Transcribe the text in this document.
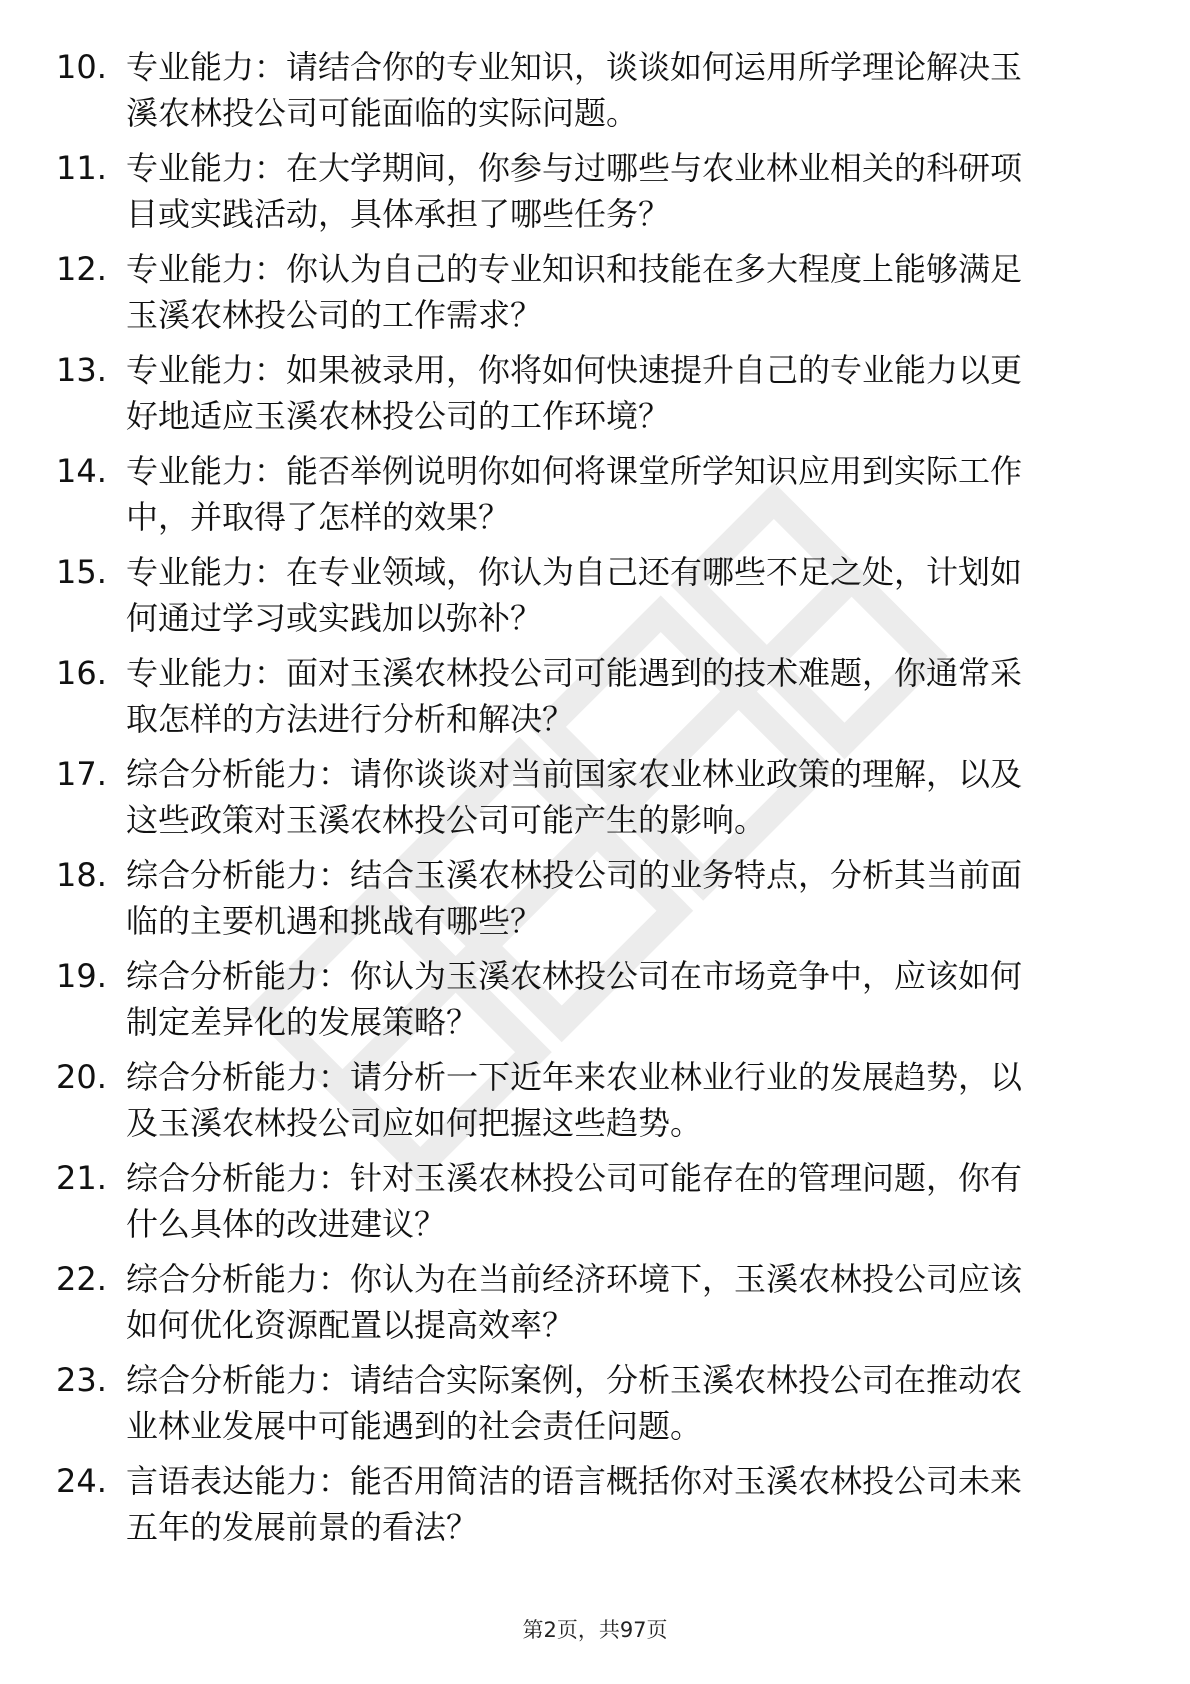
10. 专业能力：请结合你的专业知识，谈谈如何运用所学理论解决玉
溪农林投公司可能面临的实际问题。
11. 专业能力：在大学期间，你参与过哪些与农业林业相关的科研项
目或实践活动，具体承担了哪些任务？
12. 专业能力：你认为自己的专业知识和技能在多大程度上能够满足
玉溪农林投公司的工作需求？
13. 专业能力：如果被录用，你将如何快速提升自己的专业能力以更
好地适应玉溪农林投公司的工作环境？
14. 专业能力：能否举例说明你如何将课堂所学知识应用到实际工作
中，并取得了怎样的效果？
15. 专业能力：在专业领域，你认为自己还有哪些不足之处，计划如
何通过学习或实践加以弥补？
16. 专业能力：面对玉溪农林投公司可能遇到的技术难题，你通常采
取怎样的方法进行分析和解决？
17. 综合分析能力：请你谈谈对当前国家农业林业政策的理解，以及
这些政策对玉溪农林投公司可能产生的影响。
18. 综合分析能力：结合玉溪农林投公司的业务特点，分析其当前面
临的主要机遇和挑战有哪些？
19. 综合分析能力：你认为玉溪农林投公司在市场竞争中，应该如何
制定差异化的发展策略？
20. 综合分析能力：请分析一下近年来农业林业行业的发展趋势，以
及玉溪农林投公司应如何把握这些趋势。
21. 综合分析能力：针对玉溪农林投公司可能存在的管理问题，你有
什么具体的改进建议？
22. 综合分析能力：你认为在当前经济环境下，玉溪农林投公司应该
如何优化资源配置以提高效率？
23. 综合分析能力：请结合实际案例，分析玉溪农林投公司在推动农
业林业发展中可能遇到的社会责任问题。
24. 言语表达能力：能否用简洁的语言概括你对玉溪农林投公司未来
五年的发展前景的看法？
第2页，共97页
